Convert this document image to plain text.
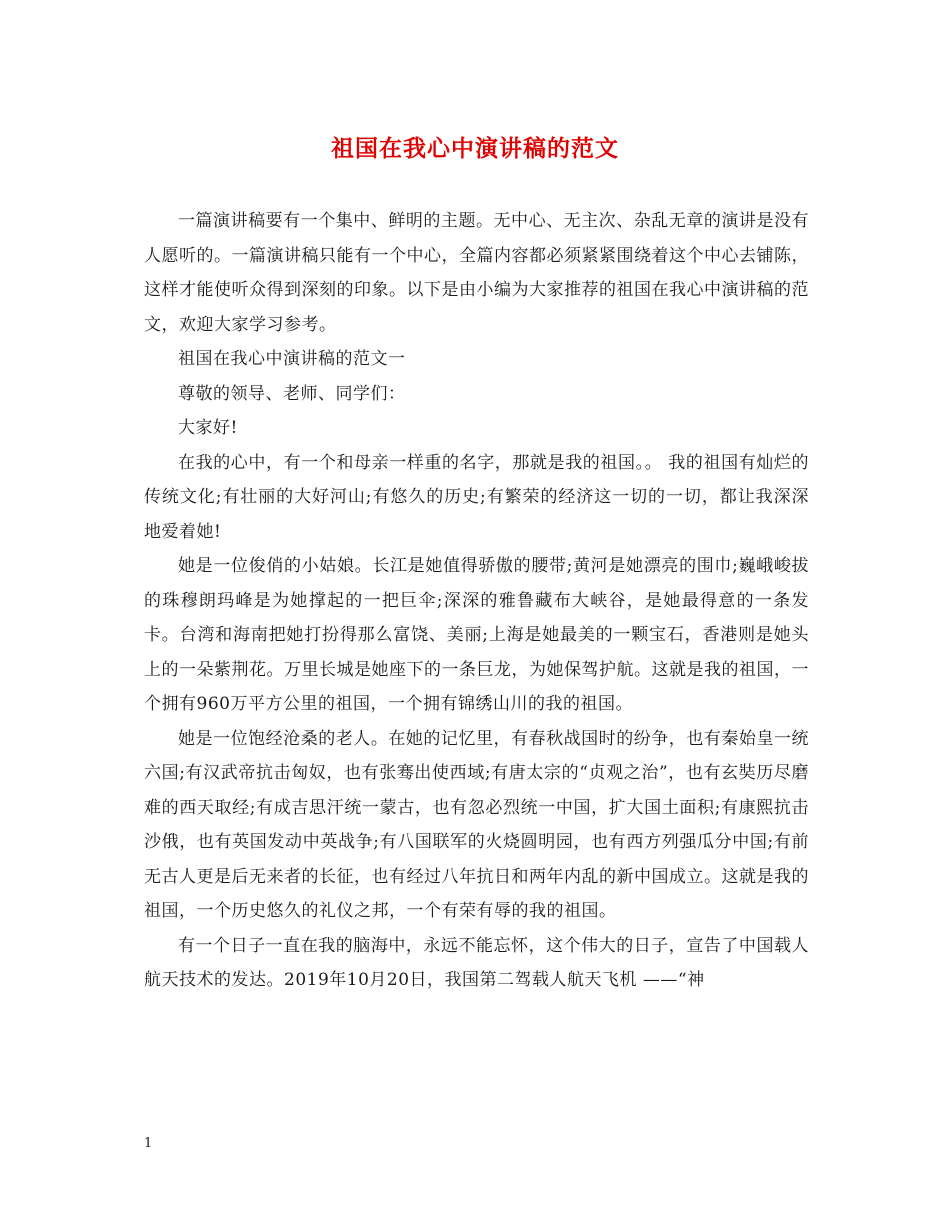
祖国在我心中演讲稿的范文

一篇演讲稿要有一个集中、鲜明的主题。无中心、无主次、杂乱无章的演讲是没有人愿听的。一篇演讲稿只能有一个中心，全篇内容都必须紧紧围绕着这个中心去铺陈，这样才能使听众得到深刻的印象。以下是由小编为大家推荐的祖国在我心中演讲稿的范文，欢迎大家学习参考。

祖国在我心中演讲稿的范文一

尊敬的领导、老师、同学们：

大家好!

在我的心中，有一个和母亲一样重的名字，那就是我的祖国。。 我的祖国有灿烂的传统文化;有壮丽的大好河山;有悠久的历史;有繁荣的经济这一切的一切，都让我深深地爱着她!

她是一位俊俏的小姑娘。长江是她值得骄傲的腰带;黄河是她漂亮的围巾;巍峨峻拔的珠穆朗玛峰是为她撑起的一把巨伞;深深的雅鲁藏布大峡谷，是她最得意的一条发卡。台湾和海南把她打扮得那么富饶、美丽;上海是她最美的一颗宝石，香港则是她头上的一朵紫荆花。万里长城是她座下的一条巨龙，为她保驾护航。这就是我的祖国，一个拥有960万平方公里的祖国，一个拥有锦绣山川的我的祖国。

她是一位饱经沧桑的老人。在她的记忆里，有春秋战国时的纷争，也有秦始皇一统六国;有汉武帝抗击匈奴，也有张骞出使西域;有唐太宗的“贞观之治”，也有玄奘历尽磨难的西天取经;有成吉思汗统一蒙古，也有忽必烈统一中国，扩大国土面积;有康熙抗击沙俄，也有英国发动中英战争;有八国联军的火烧圆明园，也有西方列强瓜分中国;有前无古人更是后无来者的长征，也有经过八年抗日和两年内乱的新中国成立。这就是我的祖国，一个历史悠久的礼仪之邦，一个有荣有辱的我的祖国。

有一个日子一直在我的脑海中，永远不能忘怀，这个伟大的日子，宣告了中国载人航天技术的发达。2019年10月20日，我国第二驾载人航天飞机 ——“神

1
